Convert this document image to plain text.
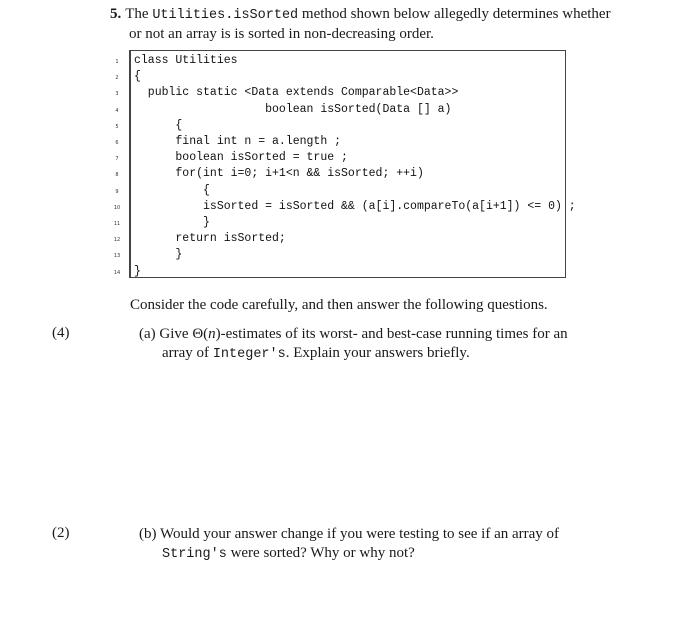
5. The Utilities.isSorted method shown below allegedly determines whether
or not an array is is sorted in non-decreasing order.
1 class Utilities
2 {
3 public static <Data extends Comparable<Data>>
4 boolean isSorted(Data [] a)
5 {
6 final int n = a.length ;
7 boolean isSorted = true ;
8 for(int i=0; i+1<n && isSorted; ++i)
9 {
10 isSorted = isSorted && (a[i].compareTo(a[i+1]) <= 0) ;
11 }
12 return isSorted;
13 }
14 }
Consider the code carefully, and then answer the following questions.
(4)	(a) Give Θ(n)-estimates of its worst- and best-case running times for an
array of Integer's. Explain your answers briefly.
(2)	(b) Would your answer change if you were testing to see if an array of
String's were sorted? Why or why not?
